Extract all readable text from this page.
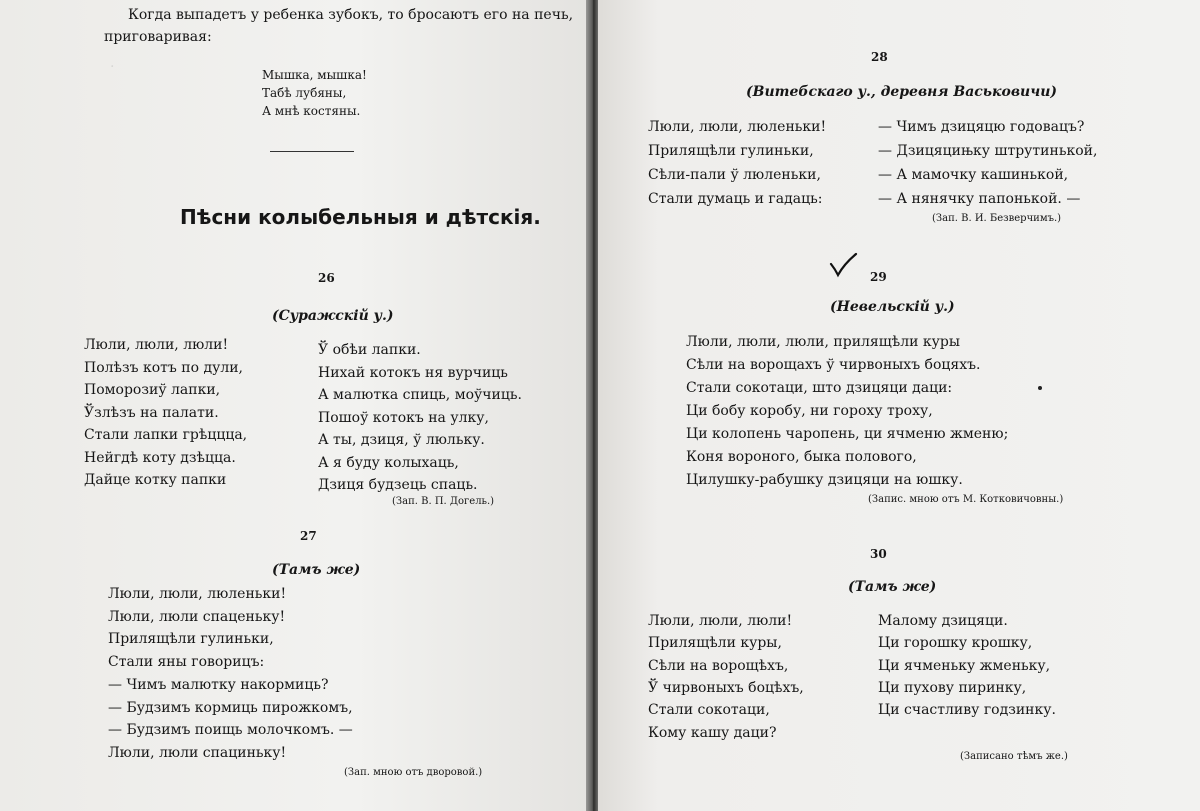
.
Когда выпадетъ у ребенка зубокъ, то бросаютъ его на печь,
приговаривая:
Мышка, мышка!
Табѣ лубяны,
А мнѣ костяны.
Пѣсни колыбельныя и дѣтскія.
26
(Суражскій у.)
Люли, люли, люли!
Полѣзъ котъ по дули,
Поморозиў лапки,
Ўзлѣзъ на палати.
Стали лапки грѣццца,
Нейгдѣ коту дзѣцца.
Дайце котку папки
Ў обѣи лапки.
Нихай котокъ ня вурчиць
А малютка спиць, моўчиць.
Пошоў котокъ на улку,
А ты, дзиця, ў люльку.
А я буду колыхаць,
Дзиця будзець спаць.
(Зап. В. П. Догель.)
27
(Тамъ же)
Люли, люли, люленьки!
Люли, люли спаценьку!
Прилящѣли гулиньки,
Стали яны говорицъ:
— Чимъ малютку накормиць?
— Будзимъ кормиць пирожкомъ,
— Будзимъ поищь молочкомъ. —
Люли, люли спациньку!
(Зап. мною отъ дворовой.)
28
(Витебскаго у., деревня Васьковичи)
Люли, люли, люленьки!
Прилящѣли гулиньки,
Сѣли-пали ў люленьки,
Стали думаць и гадаць:
— Чимъ дзицяцю годовацъ?
— Дзицяцињку штрутинькой,
— А мамочку кашинькой,
— А нянячку папонькой. —
(Зап. В. И. Безверчимъ.)
29
(Невельскій у.)
Люли, люли, люли, прилящѣли куры
Сѣли на ворощахъ ў чирвоныхъ боцяхъ.
Стали сокотаци, што дзицяци даци:
Ци бобу коробу, ни гороху троху,
Ци колопень чаропень, ци ячменю жменю;
Коня вороного, быка полового,
Цилушку-рабушку дзицяци на юшку.
(Запис. мною отъ М. Котковичовны.)
30
(Тамъ же)
Люли, люли, люли!
Прилящѣли куры,
Сѣли на ворощѣхъ,
Ў чирвоныхъ боцѣхъ,
Стали сокотаци,
Кому кашу даци?
Малому дзицяци.
Ци горошку крошку,
Ци ячменьку жменьку,
Ци пухову пиринку,
Ци счастливу годзинку.
(Записано тѣмъ же.)
